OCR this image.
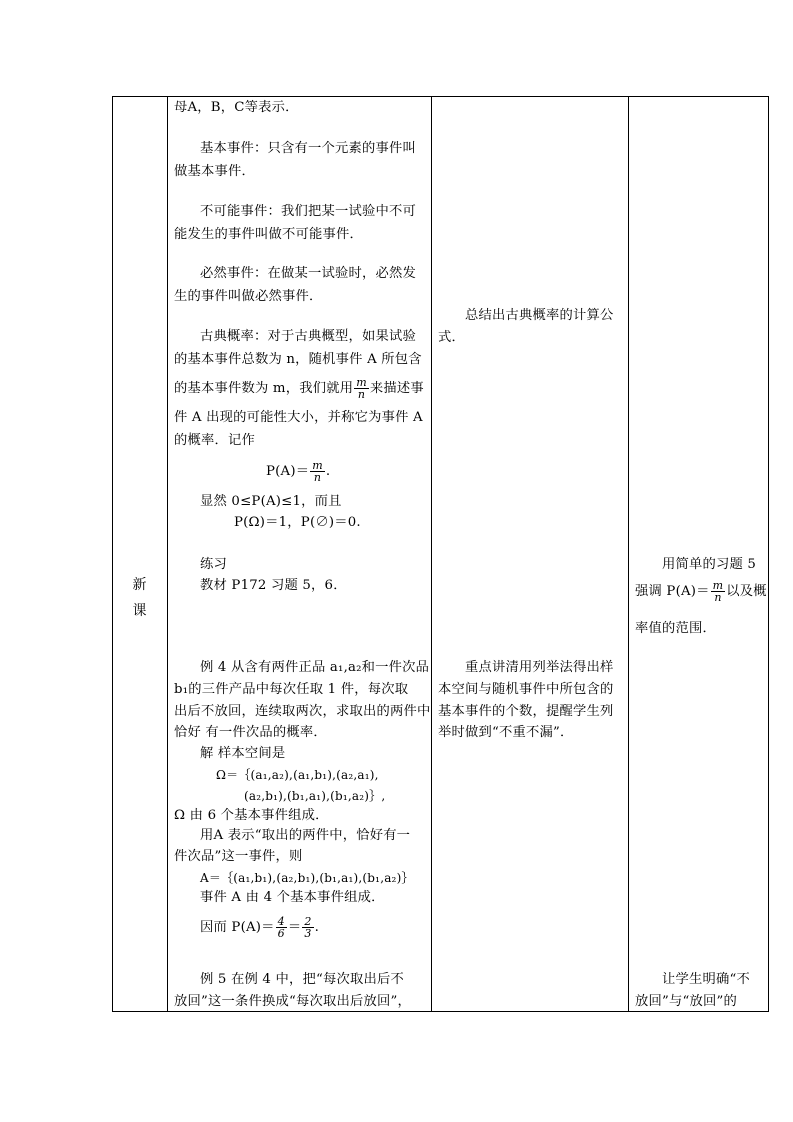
新
课
母A，B，C等表示．
基本事件：只含有一个元素的事件叫
做基本事件．
不可能事件：我们把某一试验中不可
能发生的事件叫做不可能事件．
必然事件：在做某一试验时，必然发
生的事件叫做必然事件．
古典概率：对于古典概型，如果试验
的基本事件总数为 n，随机事件 A 所包含
的基本事件数为 m，我们就用 $\frac{m}{n}$ 来描述事
件 A 出现的可能性大小，并称它为事件 A
的概率．记作
$P(A)= \frac{m}{n}$ .
显然 0≤P(A)≤1，而且
P(Ω)＝1，P(∅)＝0.
练习
教材 P172 习题 5，6．
例 4 从含有两件正品 a₁,a₂和一件次品
b₁的三件产品中每次任取 1 件，每次取
出后不放回，连续取两次，求取出的两件中
恰好 有一件次品的概率．
解 样本空间是
Ω＝｛(a₁,a₂),(a₁,b₁),(a₂,a₁),
(a₂,b₁),(b₁,a₁),(b₁,a₂)｝,
Ω 由 6 个基本事件组成．
用A 表示“取出的两件中，恰好有一
件次品”这一事件，则
A＝｛(a₁,b₁),(a₂,b₁),(b₁,a₁),(b₁,a₂)｝
事件 A 由 4 个基本事件组成．
因而 $P(A)= \frac{4}{6} = \frac{2}{3}$ .
例 5 在例 4 中，把“每次取出后不
放回”这一条件换成“每次取出后放回”，
总结出古典概率的计算公
式．
重点讲清用列举法得出样
本空间与随机事件中所包含的
基本事件的个数，提醒学生列
举时做到“不重不漏”．
用简单的习题 5
强调 $P(A)= \frac{m}{n}$ 以及概
率值的范围．
让学生明确“不
放回”与“放回”的
